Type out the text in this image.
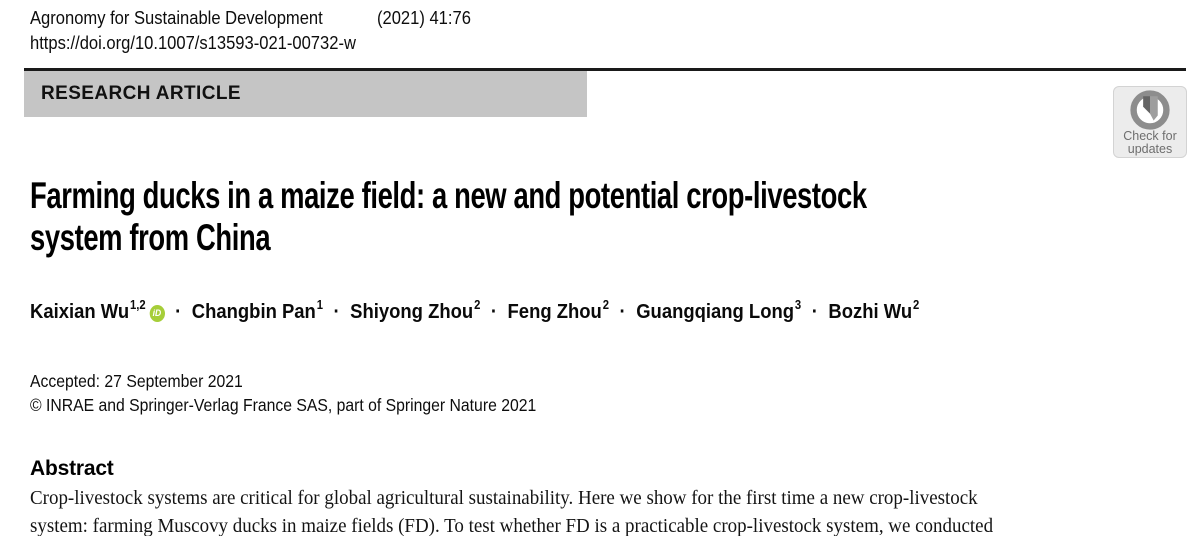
Agronomy for Sustainable Development	(2021) 41:76
https://doi.org/10.1007/s13593-021-00732-w
RESEARCH ARTICLE
Check for
updates
Farming ducks in a maize field: a new and potential crop-livestock
system from China
Kaixian Wu$^{1,2}$iD · Changbin Pan$^1$ · Shiyong Zhou$^2$ · Feng Zhou$^2$ · Guangqiang Long$^3$ · Bozhi Wu$^2$
Accepted: 27 September 2021
© INRAE and Springer-Verlag France SAS, part of Springer Nature 2021
Abstract
Crop-livestock systems are critical for global agricultural sustainability. Here we show for the first time a new crop-livestock
system: farming Muscovy ducks in maize fields (FD). To test whether FD is a practicable crop-livestock system, we conducted
